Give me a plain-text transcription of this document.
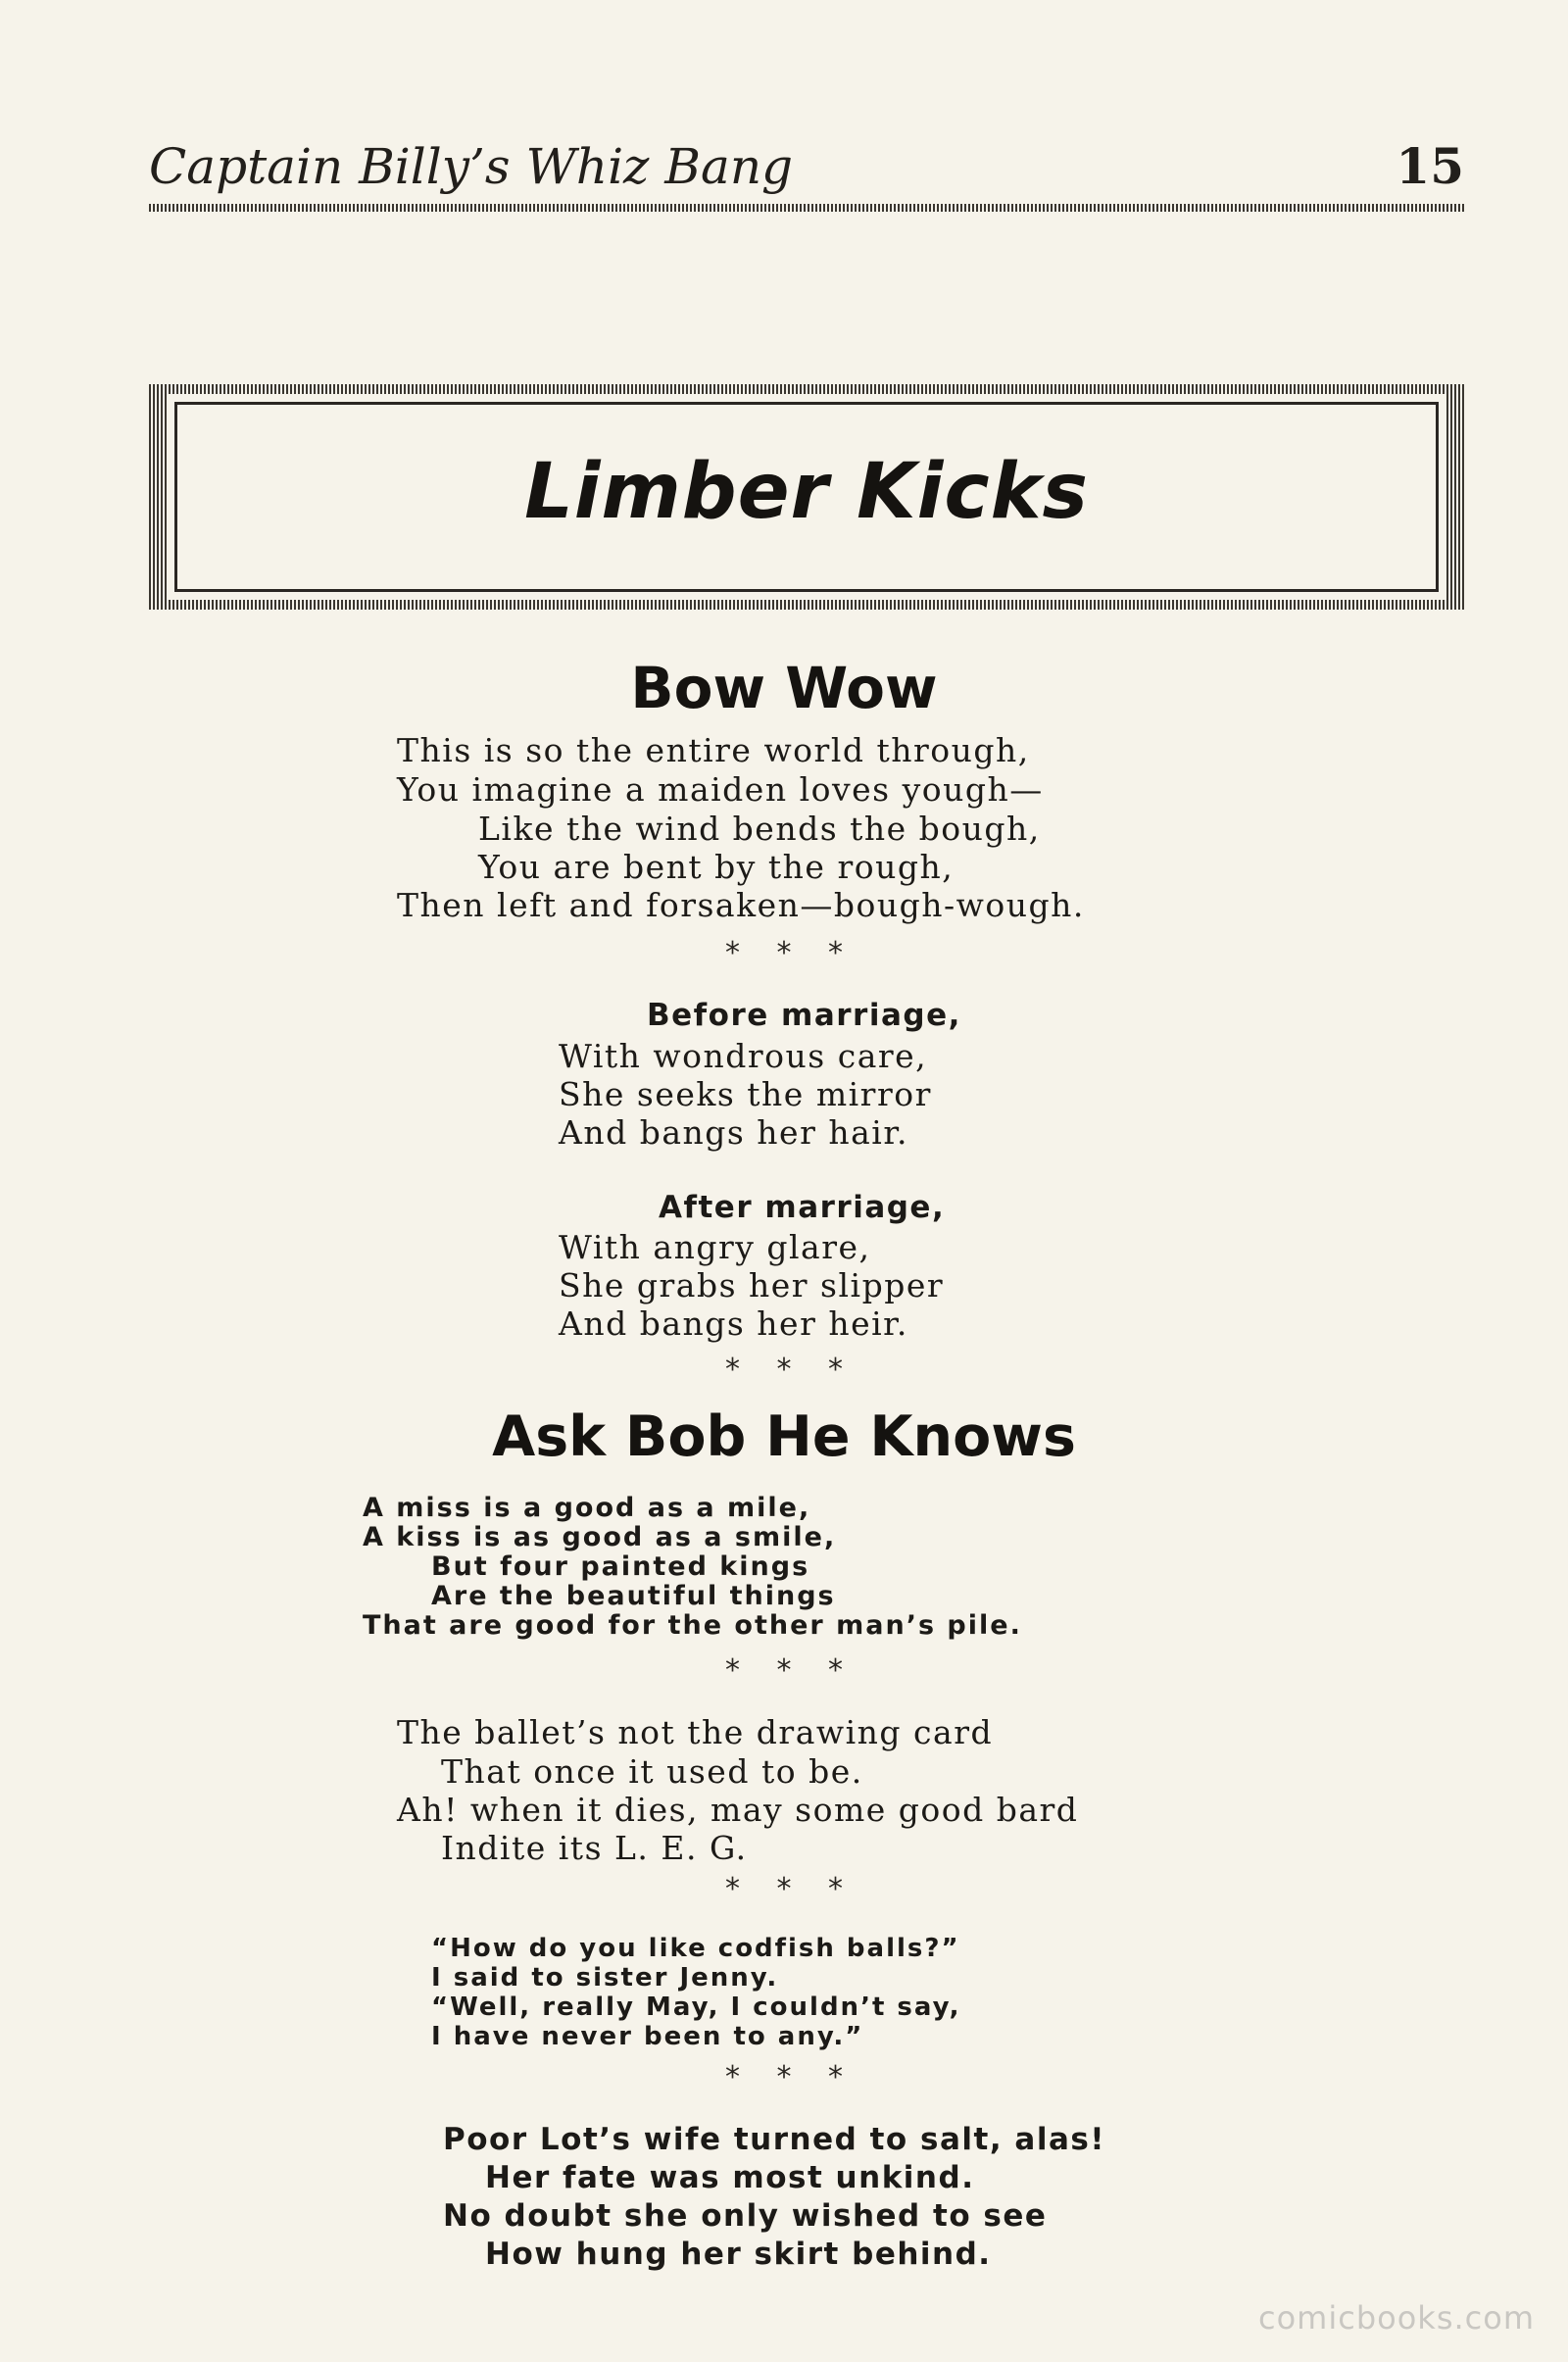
Captain Billy’s Whiz Bang	15
Limber Kicks
Bow Wow
This is so the entire world through,
You imagine a maiden loves yough—
Like the wind bends the bough,
You are bent by the rough,
Then left and forsaken—bough-wough.
* * *
Before marriage,
With wondrous care,
She seeks the mirror
And bangs her hair.
After marriage,
With angry glare,
She grabs her slipper
And bangs her heir.
* * *
Ask Bob He Knows
A miss is a good as a mile,
A kiss is as good as a smile,
But four painted kings
Are the beautiful things
That are good for the other man’s pile.
* * *
The ballet’s not the drawing card
That once it used to be.
Ah! when it dies, may some good bard
Indite its L. E. G.
* * *
“How do you like codfish balls?”
I said to sister Jenny.
“Well, really May, I couldn’t say,
I have never been to any.”
* * *
Poor Lot’s wife turned to salt, alas!
Her fate was most unkind.
No doubt she only wished to see
How hung her skirt behind.
comicbooks.com
